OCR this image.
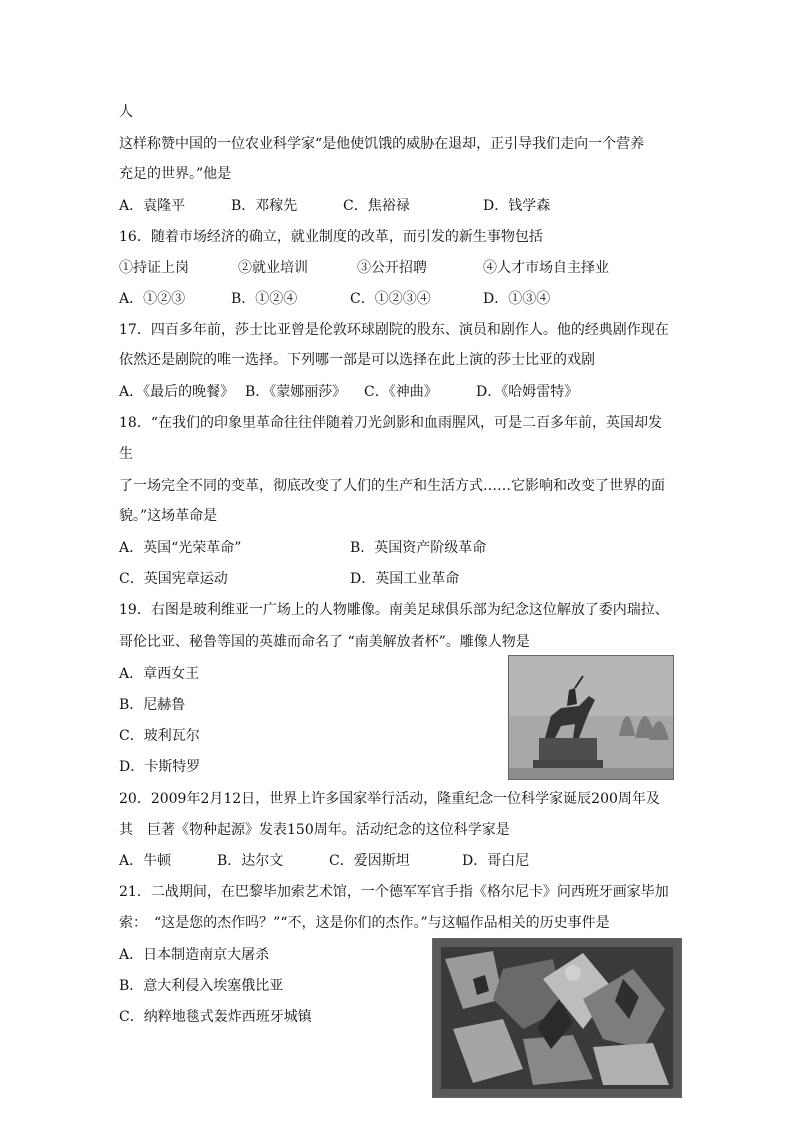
人
这样称赞中国的一位农业科学家“是他使饥饿的威胁在退却，正引导我们走向一个营养
充足的世界。”他是
A．袁隆平	B．邓稼先	C．焦裕禄	D．钱学森
16．随着市场经济的确立，就业制度的改革，而引发的新生事物包括
①持证上岗	②就业培训	③公开招聘	④人才市场自主择业
A．①②③	B．①②④	C．①②③④	D．①③④
17．四百多年前，莎士比亚曾是伦敦环球剧院的股东、演员和剧作人。他的经典剧作现在
依然还是剧院的唯一选择。下列哪一部是可以选择在此上演的莎士比亚的戏剧
A．《最后的晚餐》 B．《蒙娜丽莎》 C．《神曲》	D．《哈姆雷特》
18．“在我们的印象里革命往往伴随着刀光剑影和血雨腥风，可是二百多年前，英国却发
生
了一场完全不同的变革，彻底改变了人们的生产和生活方式……它影响和改变了世界的面
貌。”这场革命是
A．英国“光荣革命”	B．英国资产阶级革命
C．英国宪章运动	D．英国工业革命
19．右图是玻利维亚一广场上的人物雕像。南美足球俱乐部为纪念这位解放了委内瑞拉、
哥伦比亚、秘鲁等国的英雄而命名了 “南美解放者杯”。雕像人物是
A．章西女王
B．尼赫鲁
C．玻利瓦尔
D．卡斯特罗
20．2009年2月12日，世界上许多国家举行活动，隆重纪念一位科学家诞辰200周年及
其　巨著《物种起源》发表150周年。活动纪念的这位科学家是
A．牛顿	B．达尔文	C．爱因斯坦	D．哥白尼
21．二战期间，在巴黎毕加索艺术馆，一个德军军官手指《格尔尼卡》问西班牙画家毕加
索：　“这是您的杰作吗？”“不，这是你们的杰作。”与这幅作品相关的历史事件是
A．日本制造南京大屠杀
B．意大利侵入埃塞俄比亚
C．纳粹地毯式轰炸西班牙城镇
